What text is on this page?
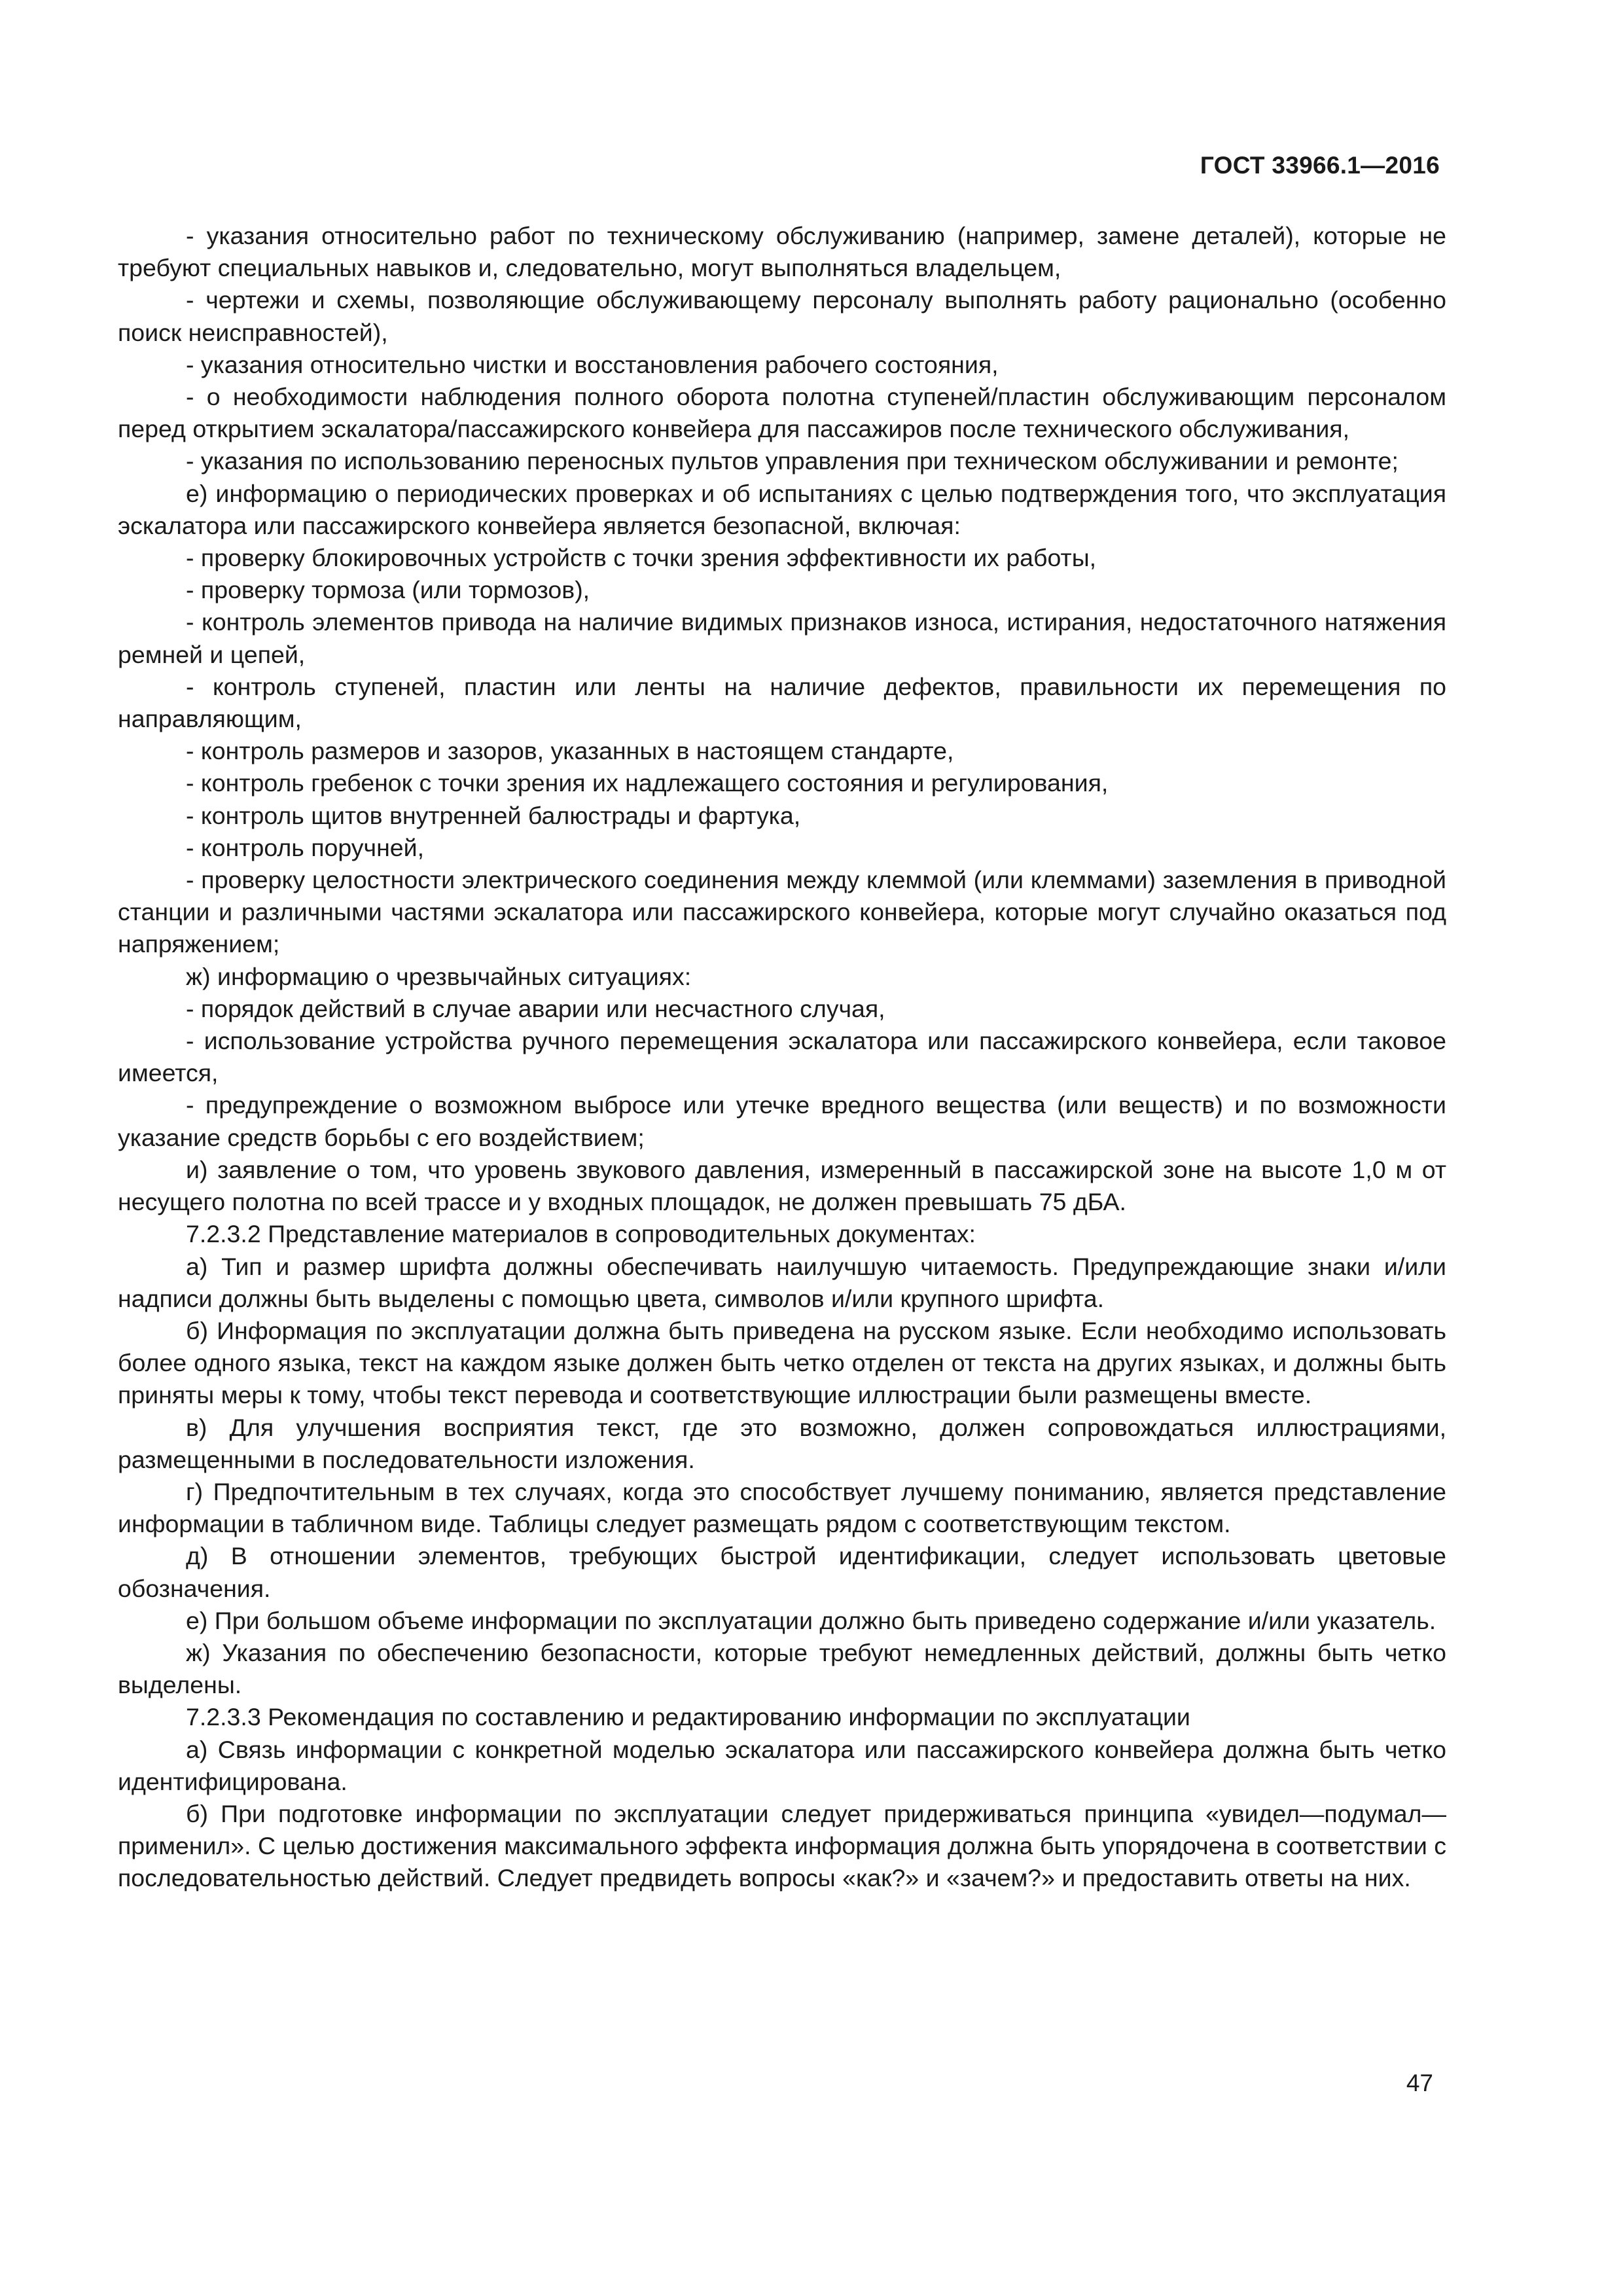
ГОСТ 33966.1—2016

- указания относительно работ по техническому обслуживанию (например, замене деталей), которые не требуют специальных навыков и, следовательно, могут выполняться владельцем,

- чертежи и схемы, позволяющие обслуживающему персоналу выполнять работу рационально (особенно поиск неисправностей),

- указания относительно чистки и восстановления рабочего состояния,

- о необходимости наблюдения полного оборота полотна ступеней/пластин обслуживающим персоналом перед открытием эскалатора/пассажирского конвейера для пассажиров после технического обслуживания,

- указания по использованию переносных пультов управления при техническом обслуживании и ремонте;

е) информацию о периодических проверках и об испытаниях с целью подтверждения того, что эксплуатация эскалатора или пассажирского конвейера является безопасной, включая:

- проверку блокировочных устройств с точки зрения эффективности их работы,

- проверку тормоза (или тормозов),

- контроль элементов привода на наличие видимых признаков износа, истирания, недостаточного натяжения ремней и цепей,

- контроль ступеней, пластин или ленты на наличие дефектов, правильности их перемещения по направляющим,

- контроль размеров и зазоров, указанных в настоящем стандарте,

- контроль гребенок с точки зрения их надлежащего состояния и регулирования,

- контроль щитов внутренней балюстрады и фартука,

- контроль поручней,

- проверку целостности электрического соединения между клеммой (или клеммами) заземления в приводной станции и различными частями эскалатора или пассажирского конвейера, которые могут случайно оказаться под напряжением;

ж) информацию о чрезвычайных ситуациях:

- порядок действий в случае аварии или несчастного случая,

- использование устройства ручного перемещения эскалатора или пассажирского конвейера, если таковое имеется,

- предупреждение о возможном выбросе или утечке вредного вещества (или веществ) и по возможности указание средств борьбы с его воздействием;

и) заявление о том, что уровень звукового давления, измеренный в пассажирской зоне на высоте 1,0 м от несущего полотна по всей трассе и у входных площадок, не должен превышать 75 дБА.

7.2.3.2 Представление материалов в сопроводительных документах:

а) Тип и размер шрифта должны обеспечивать наилучшую читаемость. Предупреждающие знаки и/или надписи должны быть выделены с помощью цвета, символов и/или крупного шрифта.

б) Информация по эксплуатации должна быть приведена на русском языке. Если необходимо использовать более одного языка, текст на каждом языке должен быть четко отделен от текста на других языках, и должны быть приняты меры к тому, чтобы текст перевода и соответствующие иллюстрации были размещены вместе.

в) Для улучшения восприятия текст, где это возможно, должен сопровождаться иллюстрациями, размещенными в последовательности изложения.

г) Предпочтительным в тех случаях, когда это способствует лучшему пониманию, является представление информации в табличном виде. Таблицы следует размещать рядом с соответствующим текстом.

д) В отношении элементов, требующих быстрой идентификации, следует использовать цветовые обозначения.

е) При большом объеме информации по эксплуатации должно быть приведено содержание и/или указатель.

ж) Указания по обеспечению безопасности, которые требуют немедленных действий, должны быть четко выделены.

7.2.3.3 Рекомендация по составлению и редактированию информации по эксплуатации

а) Связь информации с конкретной моделью эскалатора или пассажирского конвейера должна быть четко идентифицирована.

б) При подготовке информации по эксплуатации следует придерживаться принципа «увидел—подумал—применил». С целью достижения максимального эффекта информация должна быть упорядочена в соответствии с последовательностью действий. Следует предвидеть вопросы «как?» и «зачем?» и предоставить ответы на них.

47
